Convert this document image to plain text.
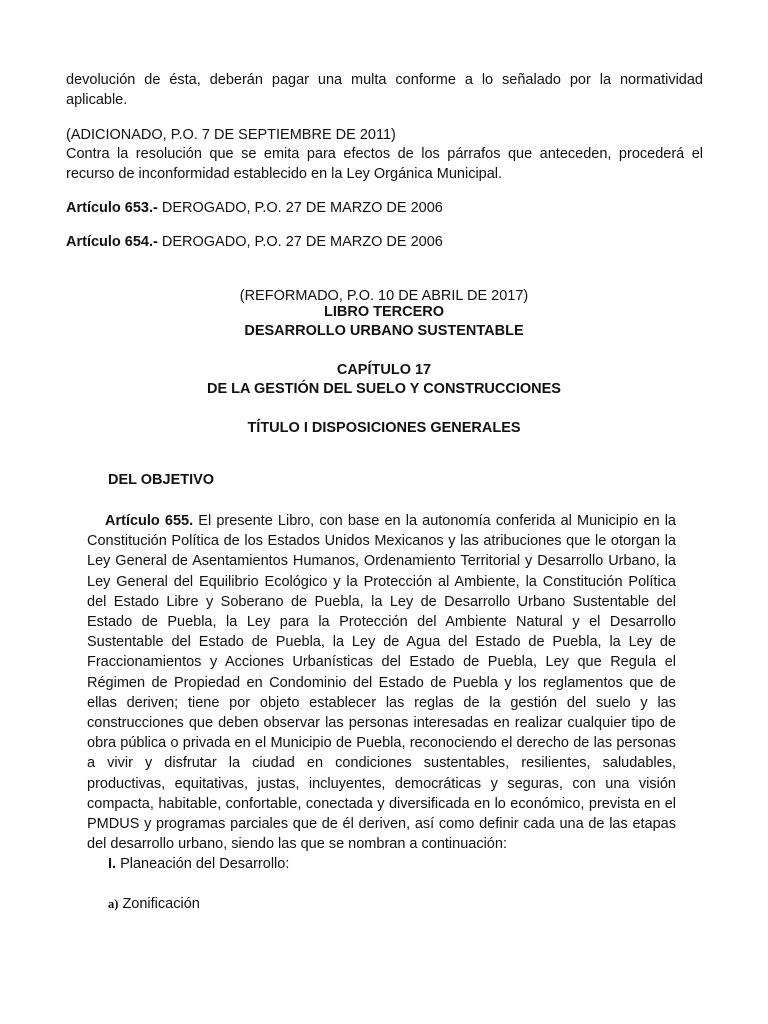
devolución de ésta, deberán pagar una multa conforme a lo señalado por la normatividad aplicable.

(ADICIONADO, P.O. 7 DE SEPTIEMBRE DE 2011)

Contra la resolución que se emita para efectos de los párrafos que anteceden, procederá el recurso de inconformidad establecido en la Ley Orgánica Municipal.

Artículo 653.- DEROGADO, P.O. 27 DE MARZO DE 2006

Artículo 654.- DEROGADO, P.O. 27 DE MARZO DE 2006

(REFORMADO, P.O. 10 DE ABRIL DE 2017)

LIBRO TERCERO

DESARROLLO URBANO SUSTENTABLE

CAPÍTULO 17

DE LA GESTIÓN DEL SUELO Y CONSTRUCCIONES

TÍTULO I DISPOSICIONES GENERALES

DEL OBJETIVO

Artículo 655. El presente Libro, con base en la autonomía conferida al Municipio en la Constitución Política de los Estados Unidos Mexicanos y las atribuciones que le otorgan la Ley General de Asentamientos Humanos, Ordenamiento Territorial y Desarrollo Urbano, la Ley General del Equilibrio Ecológico y la Protección al Ambiente, la Constitución Política del Estado Libre y Soberano de Puebla, la Ley de Desarrollo Urbano Sustentable del Estado de Puebla, la Ley para la Protección del Ambiente Natural y el Desarrollo Sustentable del Estado de Puebla, la Ley de Agua del Estado de Puebla, la Ley de Fraccionamientos y Acciones Urbanísticas del Estado de Puebla, Ley que Regula el Régimen de Propiedad en Condominio del Estado de Puebla y los reglamentos que de ellas deriven; tiene por objeto establecer las reglas de la gestión del suelo y las construcciones que deben observar las personas interesadas en realizar cualquier tipo de obra pública o privada en el Municipio de Puebla, reconociendo el derecho de las personas a vivir y disfrutar la ciudad en condiciones sustentables, resilientes, saludables, productivas, equitativas, justas, incluyentes, democráticas y seguras, con una visión compacta, habitable, confortable, conectada y diversificada en lo económico, prevista en el PMDUS y programas parciales que de él deriven, así como definir cada una de las etapas del desarrollo urbano, siendo las que se nombran a continuación:

I. Planeación del Desarrollo:

a) Zonificación
